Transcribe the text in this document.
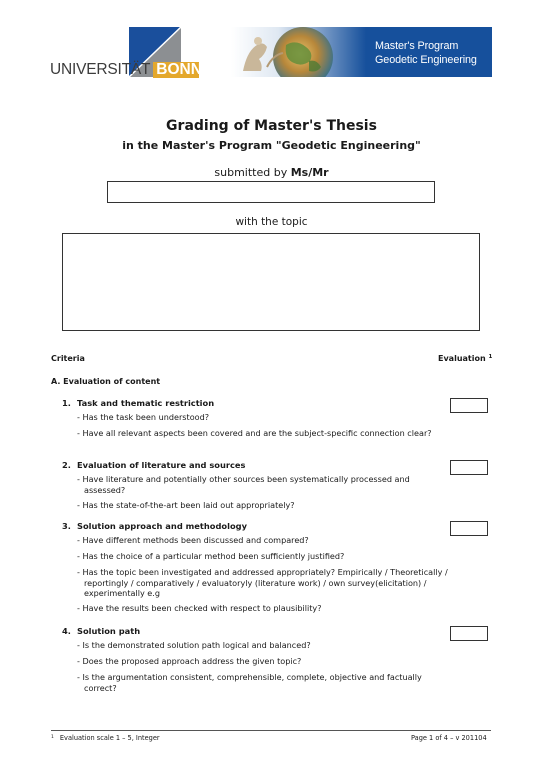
UNIVERSITÄT BONN
Master's Program
Geodetic Engineering
Grading of Master's Thesis
in the Master's Program "Geodetic Engineering"
submitted by Ms/Mr
with the topic
Criteria	Evaluation $^1$
A. Evaluation of content
1. Task and thematic restriction
- Has the task been understood?
- Have all relevant aspects been covered and are the subject-specific connection clear?
2. Evaluation of literature and sources
- Have literature and potentially other sources been systematically processed and assessed?
- Has the state-of-the-art been laid out appropriately?
3. Solution approach and methodology
- Have different methods been discussed and compared?
- Has the choice of a particular method been sufficiently justified?
- Has the topic been investigated and addressed appropriately? Empirically / Theoretically / reportingly / comparatively / evaluatoryly (literature work) / own survey(elicitation) / experimentally e.g
- Have the results been checked with respect to plausibility?
4. Solution path
- Is the demonstrated solution path logical and balanced?
- Does the proposed approach address the given topic?
- Is the argumentation consistent, comprehensible, complete, objective and factually correct?
$^1$ Evaluation scale 1 – 5, Integer	Page 1 of 4 – v 201104
